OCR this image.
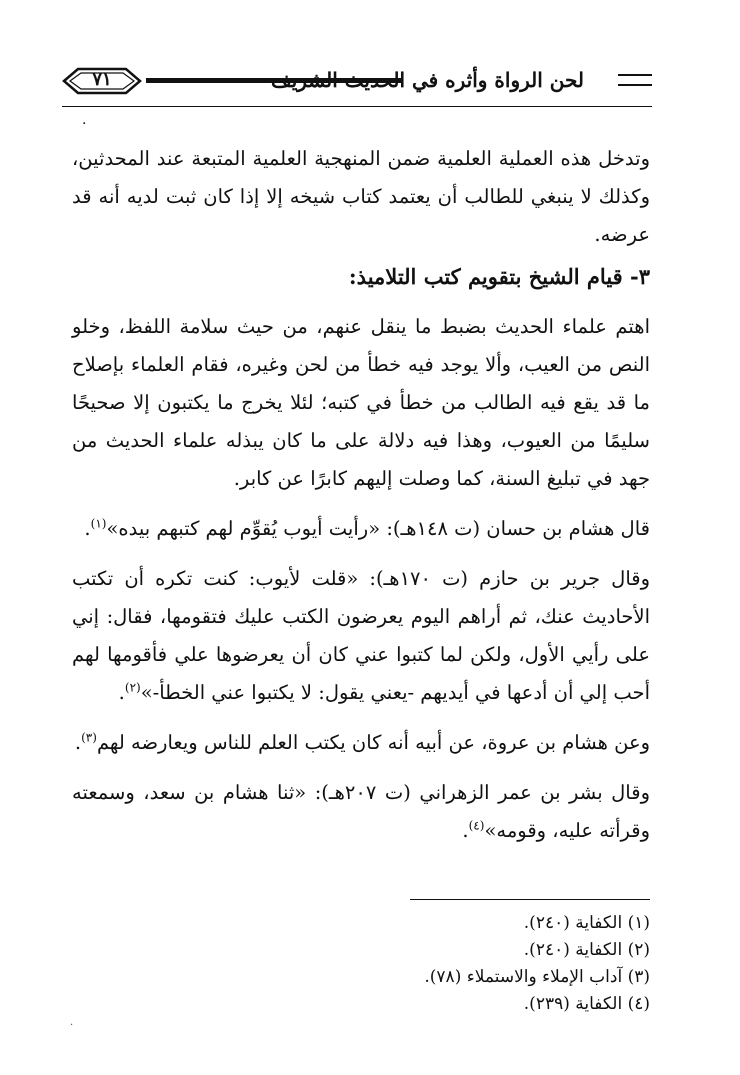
لحن الرواة وأثره في الحديث الشريف
٧١
·

وتدخل هذه العملية العلمية ضمن المنهجية العلمية المتبعة عند المحدثين، وكذلك لا ينبغي للطالب أن يعتمد كتاب شيخه إلا إذا كان ثبت لديه أنه قد عرضه.

٣- قيام الشيخ بتقويم كتب التلاميذ:

اهتم علماء الحديث بضبط ما ينقل عنهم، من حيث سلامة اللفظ، وخلو النص من العيب، وألا يوجد فيه خطأ من لحن وغيره، فقام العلماء بإصلاح ما قد يقع فيه الطالب من خطأ في كتبه؛ لئلا يخرج ما يكتبون إلا صحيحًا سليمًا من العيوب، وهذا فيه دلالة على ما كان يبذله علماء الحديث من جهد في تبليغ السنة، كما وصلت إليهم كابرًا عن كابر.

قال هشام بن حسان (ت ١٤٨هـ): «رأيت أيوب يُقوِّم لهم كتبهم بيده»$^{(١)}$.

وقال جرير بن حازم (ت ١٧٠هـ): «قلت لأيوب: كنت تكره أن تكتب الأحاديث عنك، ثم أراهم اليوم يعرضون الكتب عليك فتقومها، فقال: إني على رأيي الأول، ولكن لما كتبوا عني كان أن يعرضوها علي فأقومها لهم أحب إلي أن أدعها في أيديهم -يعني يقول: لا يكتبوا عني الخطأ-»$^{(٢)}$.

وعن هشام بن عروة، عن أبيه أنه كان يكتب العلم للناس ويعارضه لهم$^{(٣)}$.

وقال بشر بن عمر الزهراني (ت ٢٠٧هـ): «ثنا هشام بن سعد، وسمعته وقرأته عليه، وقومه»$^{(٤)}$.

(١) الكفاية (٢٤٠).
(٢) الكفاية (٢٤٠).
(٣) آداب الإملاء والاستملاء (٧٨).
(٤) الكفاية (٢٣٩).
·
